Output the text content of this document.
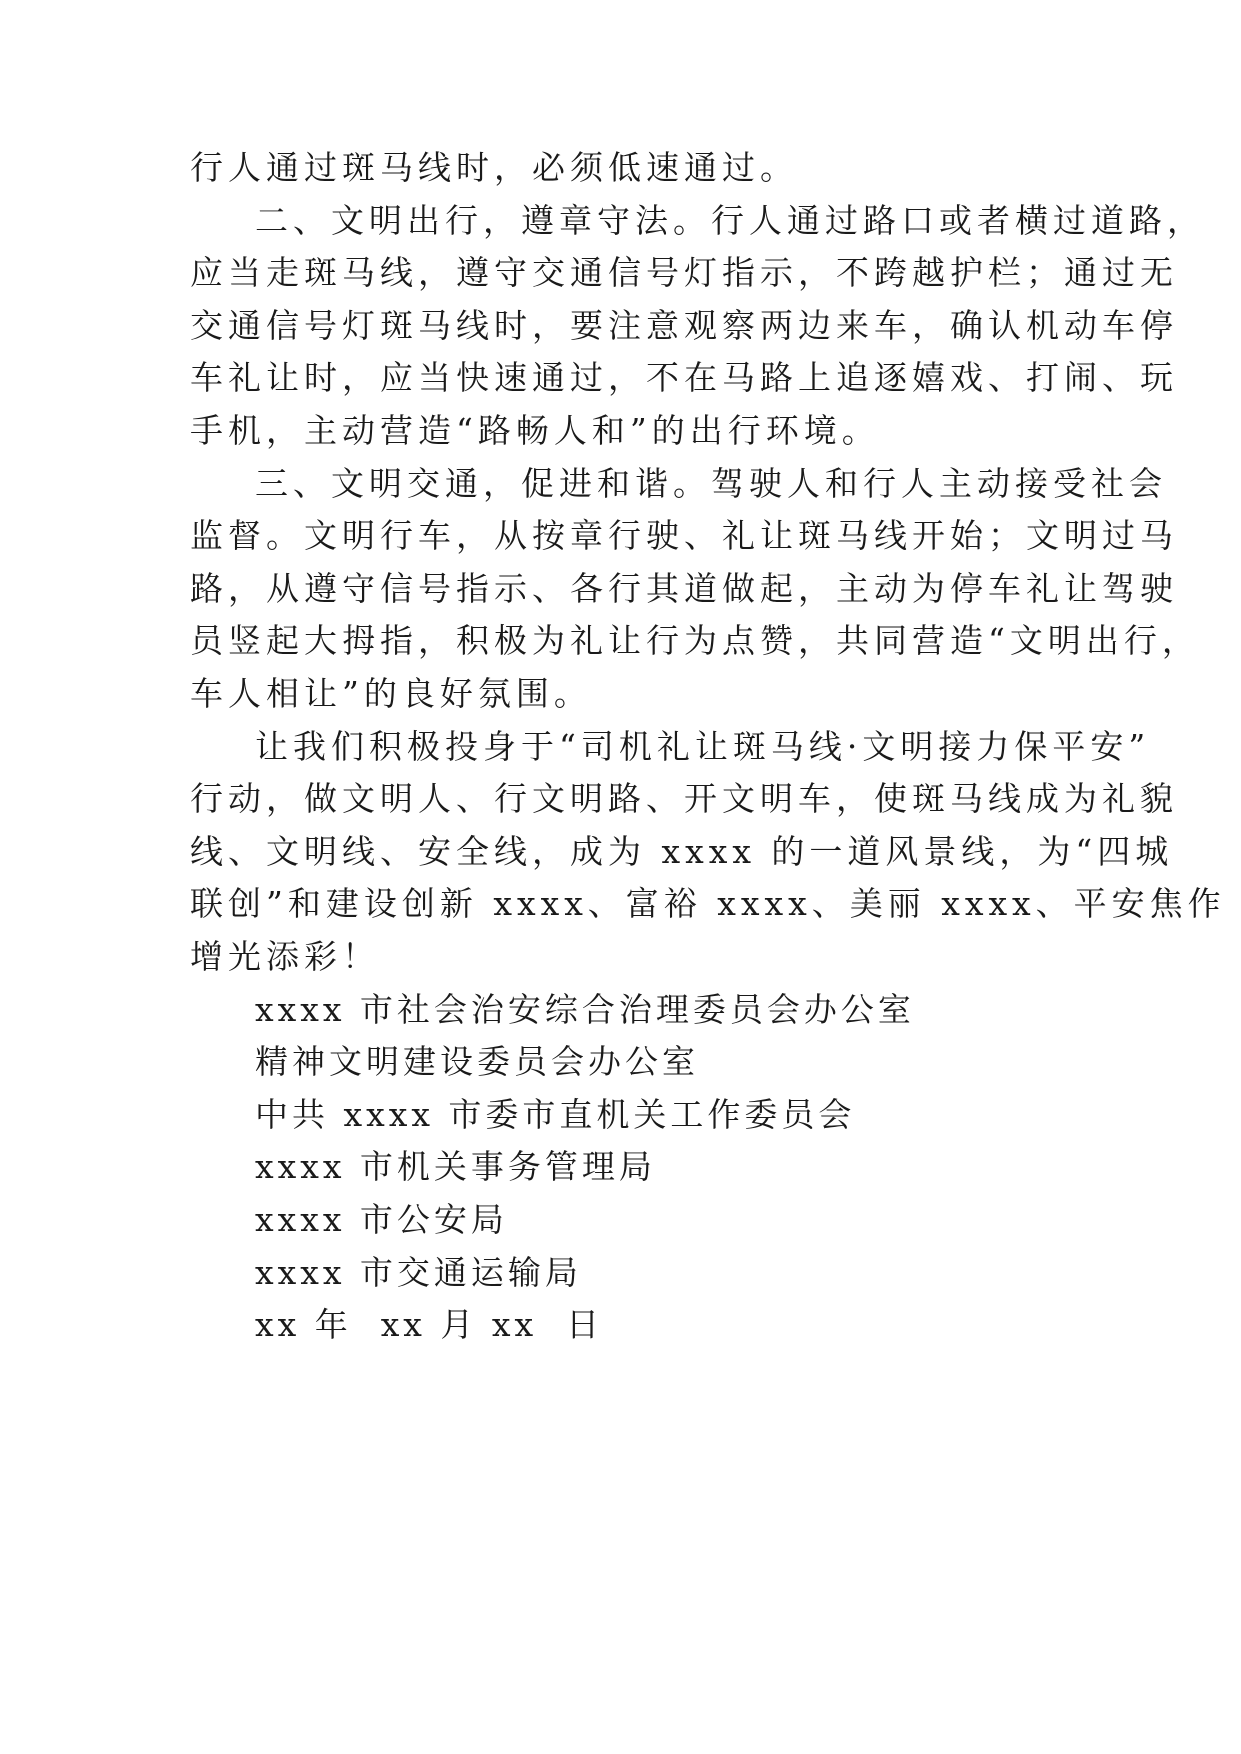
行人通过斑马线时，必须低速通过。
二、文明出行，遵章守法。行人通过路口或者横过道路，
应当走斑马线，遵守交通信号灯指示，不跨越护栏；通过无
交通信号灯斑马线时，要注意观察两边来车，确认机动车停
车礼让时，应当快速通过，不在马路上追逐嬉戏、打闹、玩
手机，主动营造“路畅人和”的出行环境。
三、文明交通，促进和谐。驾驶人和行人主动接受社会
监督。文明行车，从按章行驶、礼让斑马线开始；文明过马
路，从遵守信号指示、各行其道做起，主动为停车礼让驾驶
员竖起大拇指，积极为礼让行为点赞，共同营造“文明出行，
车人相让”的良好氛围。
让我们积极投身于“司机礼让斑马线·文明接力保平安”
行动，做文明人、行文明路、开文明车，使斑马线成为礼貌
线、文明线、安全线，成为 xxxx 的一道风景线，为“四城
联创”和建设创新 xxxx、富裕 xxxx、美丽 xxxx、平安焦作
增光添彩！
xxxx 市社会治安综合治理委员会办公室
精神文明建设委员会办公室
中共 xxxx 市委市直机关工作委员会
xxxx 市机关事务管理局
xxxx 市公安局
xxxx 市交通运输局
xx 年  xx 月 xx  日
